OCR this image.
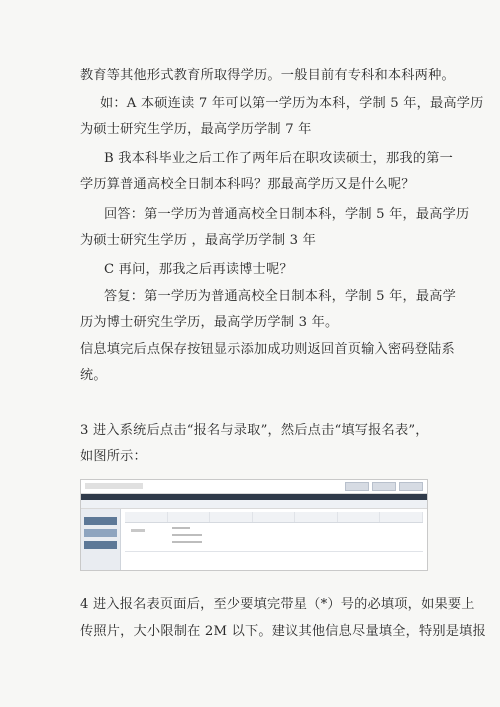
教育等其他形式教育所取得学历。一般目前有专科和本科两种。
如：A 本硕连读 7 年可以第一学历为本科，学制 5 年，最高学历
为硕士研究生学历，最高学历学制 7 年
B 我本科毕业之后工作了两年后在职攻读硕士，那我的第一
学历算普通高校全日制本科吗？那最高学历又是什么呢？
回答：第一学历为普通高校全日制本科，学制 5 年，最高学历
为硕士研究生学历 ，最高学历学制 3 年
C 再问，那我之后再读博士呢？
答复：第一学历为普通高校全日制本科，学制 5 年，最高学
历为博士研究生学历，最高学历学制 3 年。
信息填完后点保存按钮显示添加成功则返回首页输入密码登陆系
统。
3 进入系统后点击“报名与录取”，然后点击“填写报名表”，
如图所示：
4 进入报名表页面后，至少要填完带星（*）号的必填项，如果要上
传照片，大小限制在 2M 以下。建议其他信息尽量填全，特别是填报
